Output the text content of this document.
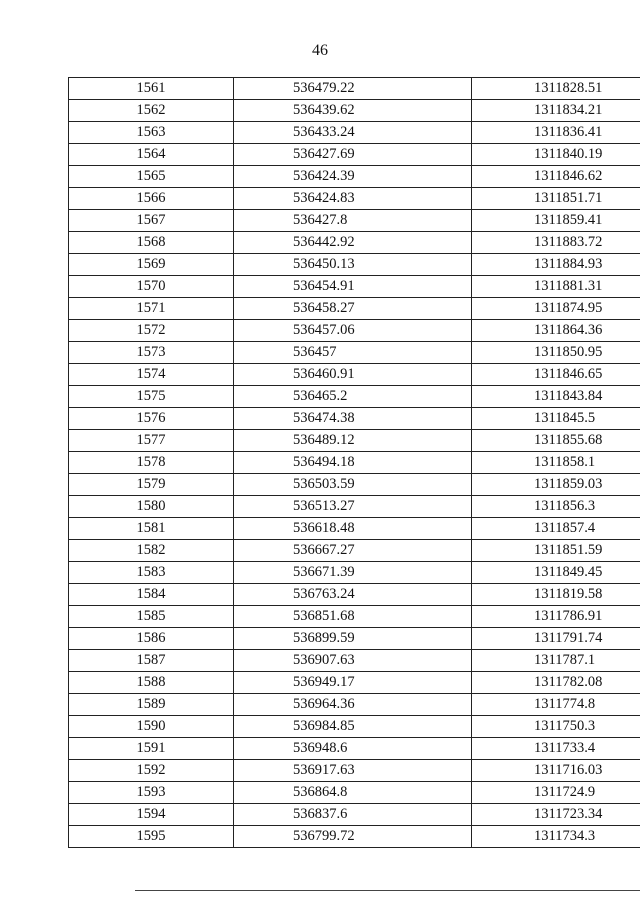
46
1561	536479.22	1311828.51
1562	536439.62	1311834.21
1563	536433.24	1311836.41
1564	536427.69	1311840.19
1565	536424.39	1311846.62
1566	536424.83	1311851.71
1567	536427.8	1311859.41
1568	536442.92	1311883.72
1569	536450.13	1311884.93
1570	536454.91	1311881.31
1571	536458.27	1311874.95
1572	536457.06	1311864.36
1573	536457	1311850.95
1574	536460.91	1311846.65
1575	536465.2	1311843.84
1576	536474.38	1311845.5
1577	536489.12	1311855.68
1578	536494.18	1311858.1
1579	536503.59	1311859.03
1580	536513.27	1311856.3
1581	536618.48	1311857.4
1582	536667.27	1311851.59
1583	536671.39	1311849.45
1584	536763.24	1311819.58
1585	536851.68	1311786.91
1586	536899.59	1311791.74
1587	536907.63	1311787.1
1588	536949.17	1311782.08
1589	536964.36	1311774.8
1590	536984.85	1311750.3
1591	536948.6	1311733.4
1592	536917.63	1311716.03
1593	536864.8	1311724.9
1594	536837.6	1311723.34
1595	536799.72	1311734.3
